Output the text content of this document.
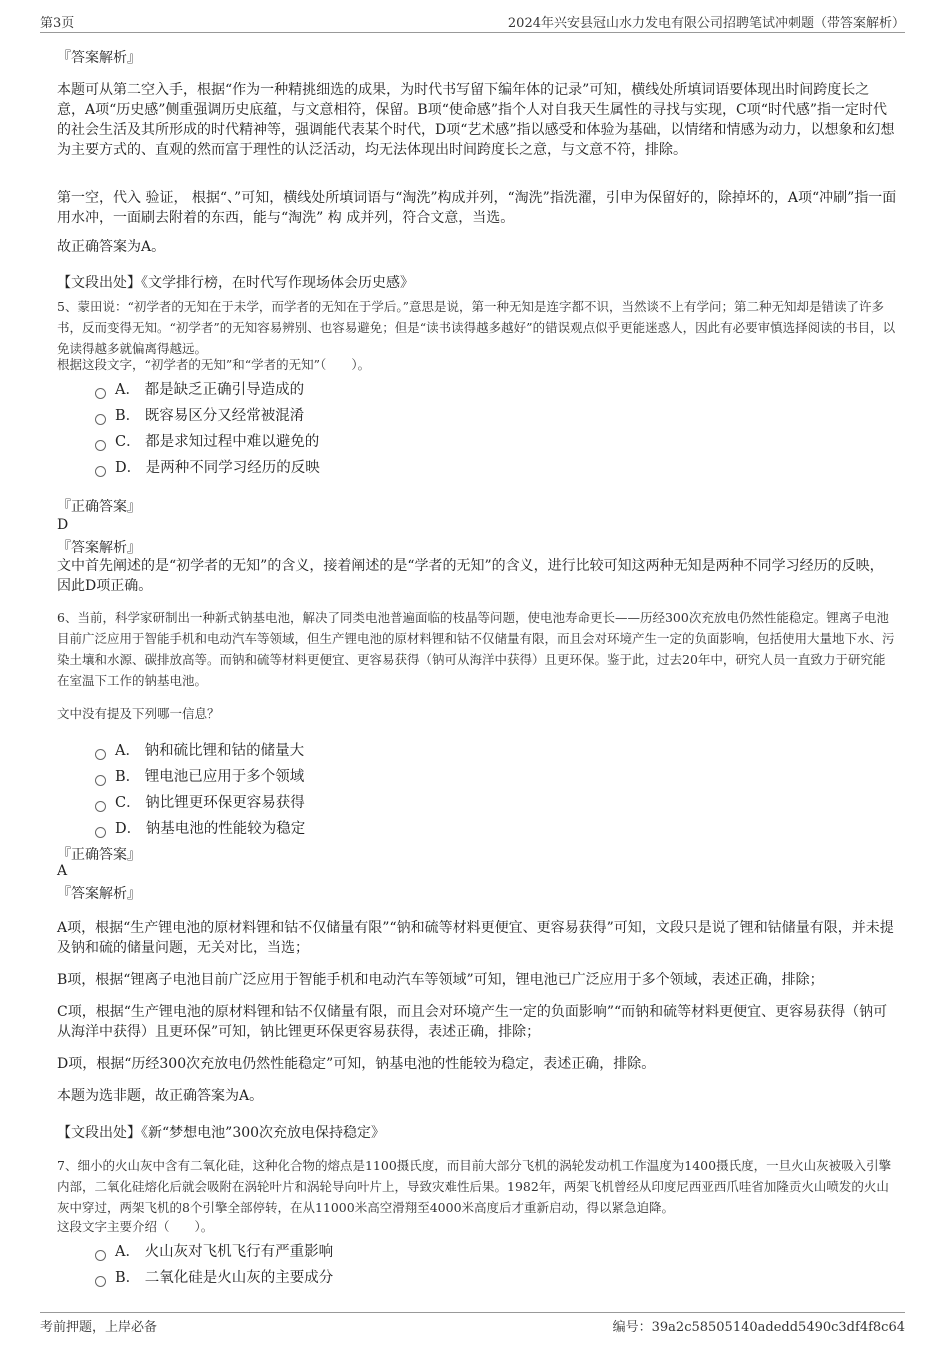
第3页	2024年兴安县冠山水力发电有限公司招聘笔试冲刺题（带答案解析）
『答案解析』
本题可从第二空入手，根据“作为一种精挑细选的成果，为时代书写留下编年体的记录”可知，横线处所填词语要体现出时间跨度长之意，A项“历史感”侧重强调历史底蕴，与文意相符，保留。B项“使命感”指个人对自我天生属性的寻找与实现，C项“时代感”指一定时代的社会生活及其所形成的时代精神等，强调能代表某个时代，D项“艺术感”指以感受和体验为基础，以情绪和情感为动力，以想象和幻想为主要方式的、直观的然而富于理性的认泛活动，均无法体现出时间跨度长之意，与文意不符，排除。
第一空，代入 验证， 根据“、”可知，横线处所填词语与“淘洗”构成并列，“淘洗”指洗濯，引申为保留好的，除掉坏的，A项“冲刷”指一面用水冲，一面刷去附着的东西，能与“淘洗” 构 成并列，符合文意，当选。
故正确答案为A。
【文段出处】《文学排行榜，在时代写作现场体会历史感》
5、蒙田说：“初学者的无知在于未学，而学者的无知在于学后。”意思是说，第一种无知是连字都不识，当然谈不上有学问；第二种无知却是错读了许多书，反而变得无知。“初学者”的无知容易辨别、也容易避免；但是“读书读得越多越好”的错误观点似乎更能迷惑人，因此有必要审慎选择阅读的书目，以免读得越多就偏离得越远。
根据这段文字，“初学者的无知”和“学者的无知”（　　）。
A． 都是缺乏正确引导造成的
B． 既容易区分又经常被混淆
C． 都是求知过程中难以避免的
D． 是两种不同学习经历的反映
『正确答案』
D
『答案解析』
文中首先阐述的是“初学者的无知”的含义，接着阐述的是“学者的无知”的含义，进行比较可知这两种无知是两种不同学习经历的反映，因此D项正确。
6、当前，科学家研制出一种新式钠基电池，解决了同类电池普遍面临的枝晶等问题，使电池寿命更长——历经300次充放电仍然性能稳定。锂离子电池目前广泛应用于智能手机和电动汽车等领域，但生产锂电池的原材料锂和钴不仅储量有限，而且会对环境产生一定的负面影响，包括使用大量地下水、污染土壤和水源、碳排放高等。而钠和硫等材料更便宜、更容易获得（钠可从海洋中获得）且更环保。鉴于此，过去20年中，研究人员一直致力于研究能在室温下工作的钠基电池。
文中没有提及下列哪一信息？
A． 钠和硫比锂和钴的储量大
B． 锂电池已应用于多个领域
C． 钠比锂更环保更容易获得
D． 钠基电池的性能较为稳定
『正确答案』
A
『答案解析』
A项，根据“生产锂电池的原材料锂和钴不仅储量有限”“钠和硫等材料更便宜、更容易获得”可知，文段只是说了锂和钴储量有限，并未提及钠和硫的储量问题，无关对比，当选；
B项，根据“锂离子电池目前广泛应用于智能手机和电动汽车等领域”可知，锂电池已广泛应用于多个领域，表述正确，排除；
C项，根据“生产锂电池的原材料锂和钴不仅储量有限，而且会对环境产生一定的负面影响”“而钠和硫等材料更便宜、更容易获得（钠可从海洋中获得）且更环保”可知，钠比锂更环保更容易获得，表述正确，排除；
D项，根据“历经300次充放电仍然性能稳定”可知，钠基电池的性能较为稳定，表述正确，排除。
本题为选非题，故正确答案为A。
【文段出处】《新“梦想电池”300次充放电保持稳定》
7、细小的火山灰中含有二氧化硅，这种化合物的熔点是1100摄氏度，而目前大部分飞机的涡轮发动机工作温度为1400摄氏度，一旦火山灰被吸入引擎内部，二氧化硅熔化后就会吸附在涡轮叶片和涡轮导向叶片上，导致灾难性后果。1982年，两架飞机曾经从印度尼西亚西爪哇省加隆贡火山喷发的火山灰中穿过，两架飞机的8个引擎全部停转，在从11000米高空滑翔至4000米高度后才重新启动，得以紧急迫降。
这段文字主要介绍（　　）。
A． 火山灰对飞机飞行有严重影响
B． 二氧化硅是火山灰的主要成分
考前押题，上岸必备	编号：39a2c58505140adedd5490c3df4f8c64
